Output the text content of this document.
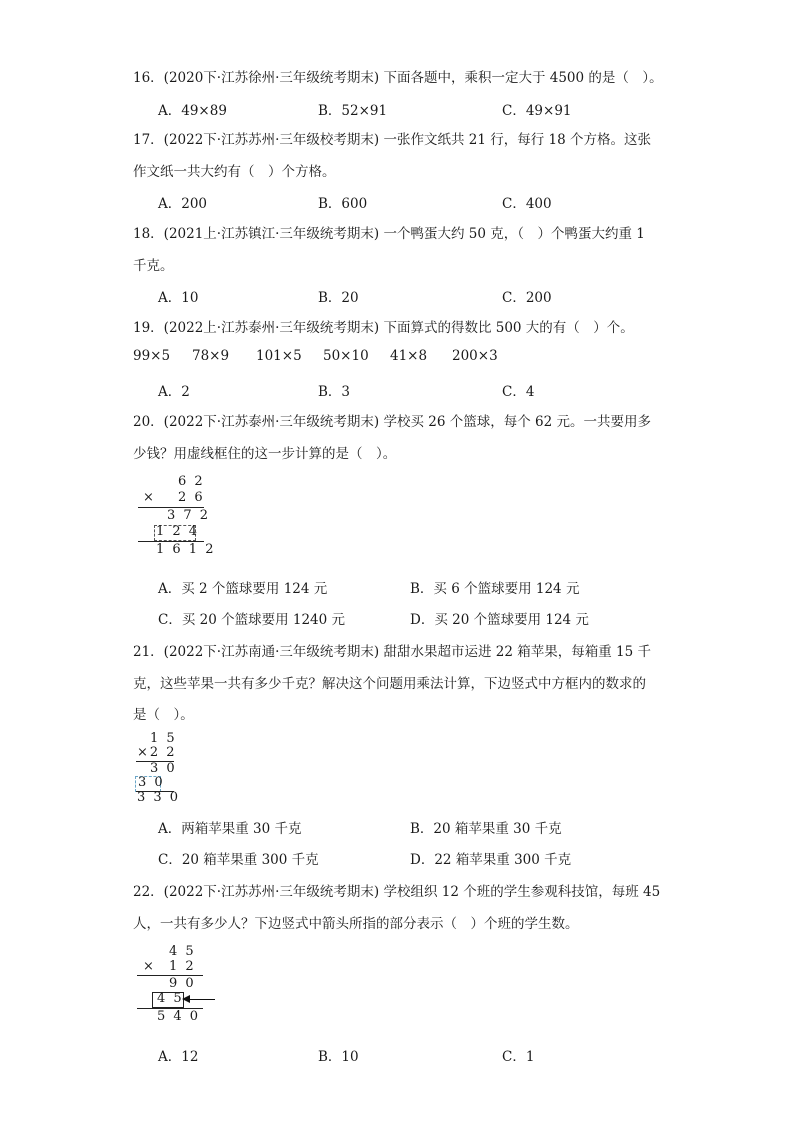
16．(2020下·江苏徐州·三年级统考期末) 下面各题中，乘积一定大于 4500 的是（　）。
A．49×89	B．52×91	C．49×91
17．(2022下·江苏苏州·三年级校考期末) 一张作文纸共 21 行，每行 18 个方格。这张
作文纸一共大约有（　）个方格。
A．200	B．600	C．400
18．(2021上·江苏镇江·三年级统考期末) 一个鸭蛋大约 50 克，（　）个鸭蛋大约重 1
千克。
A．10	B．20	C．200
19．(2022上·江苏泰州·三年级统考期末) 下面算式的得数比 500 大的有（　）个。
99×5 78×9 101×5 50×10 41×8 200×3
A．2	B．3	C．4
20．(2022下·江苏泰州·三年级统考期末) 学校买 26 个篮球，每个 62 元。一共要用多
少钱？用虚线框住的这一步计算的是（　）。
6 2
× 2 6
3 7 2
1 2 4
1 6 1 2
A．买 2 个篮球要用 124 元	B．买 6 个篮球要用 124 元
C．买 20 个篮球要用 1240 元	D．买 20 个篮球要用 124 元
21．(2022下·江苏南通·三年级统考期末) 甜甜水果超市运进 22 箱苹果，每箱重 15 千
克，这些苹果一共有多少千克？解决这个问题用乘法计算，下边竖式中方框内的数求的
是（　）。
1 5
×2 2
3 0
3 0
3 3 0
A．两箱苹果重 30 千克	B．20 箱苹果重 30 千克
C．20 箱苹果重 300 千克	D．22 箱苹果重 300 千克
22．(2022下·江苏苏州·三年级统考期末) 学校组织 12 个班的学生参观科技馆，每班 45
人，一共有多少人？下边竖式中箭头所指的部分表示（　）个班的学生数。
4 5
× 1 2
9 0
4 5
5 4 0
A．12	B．10	C．1
